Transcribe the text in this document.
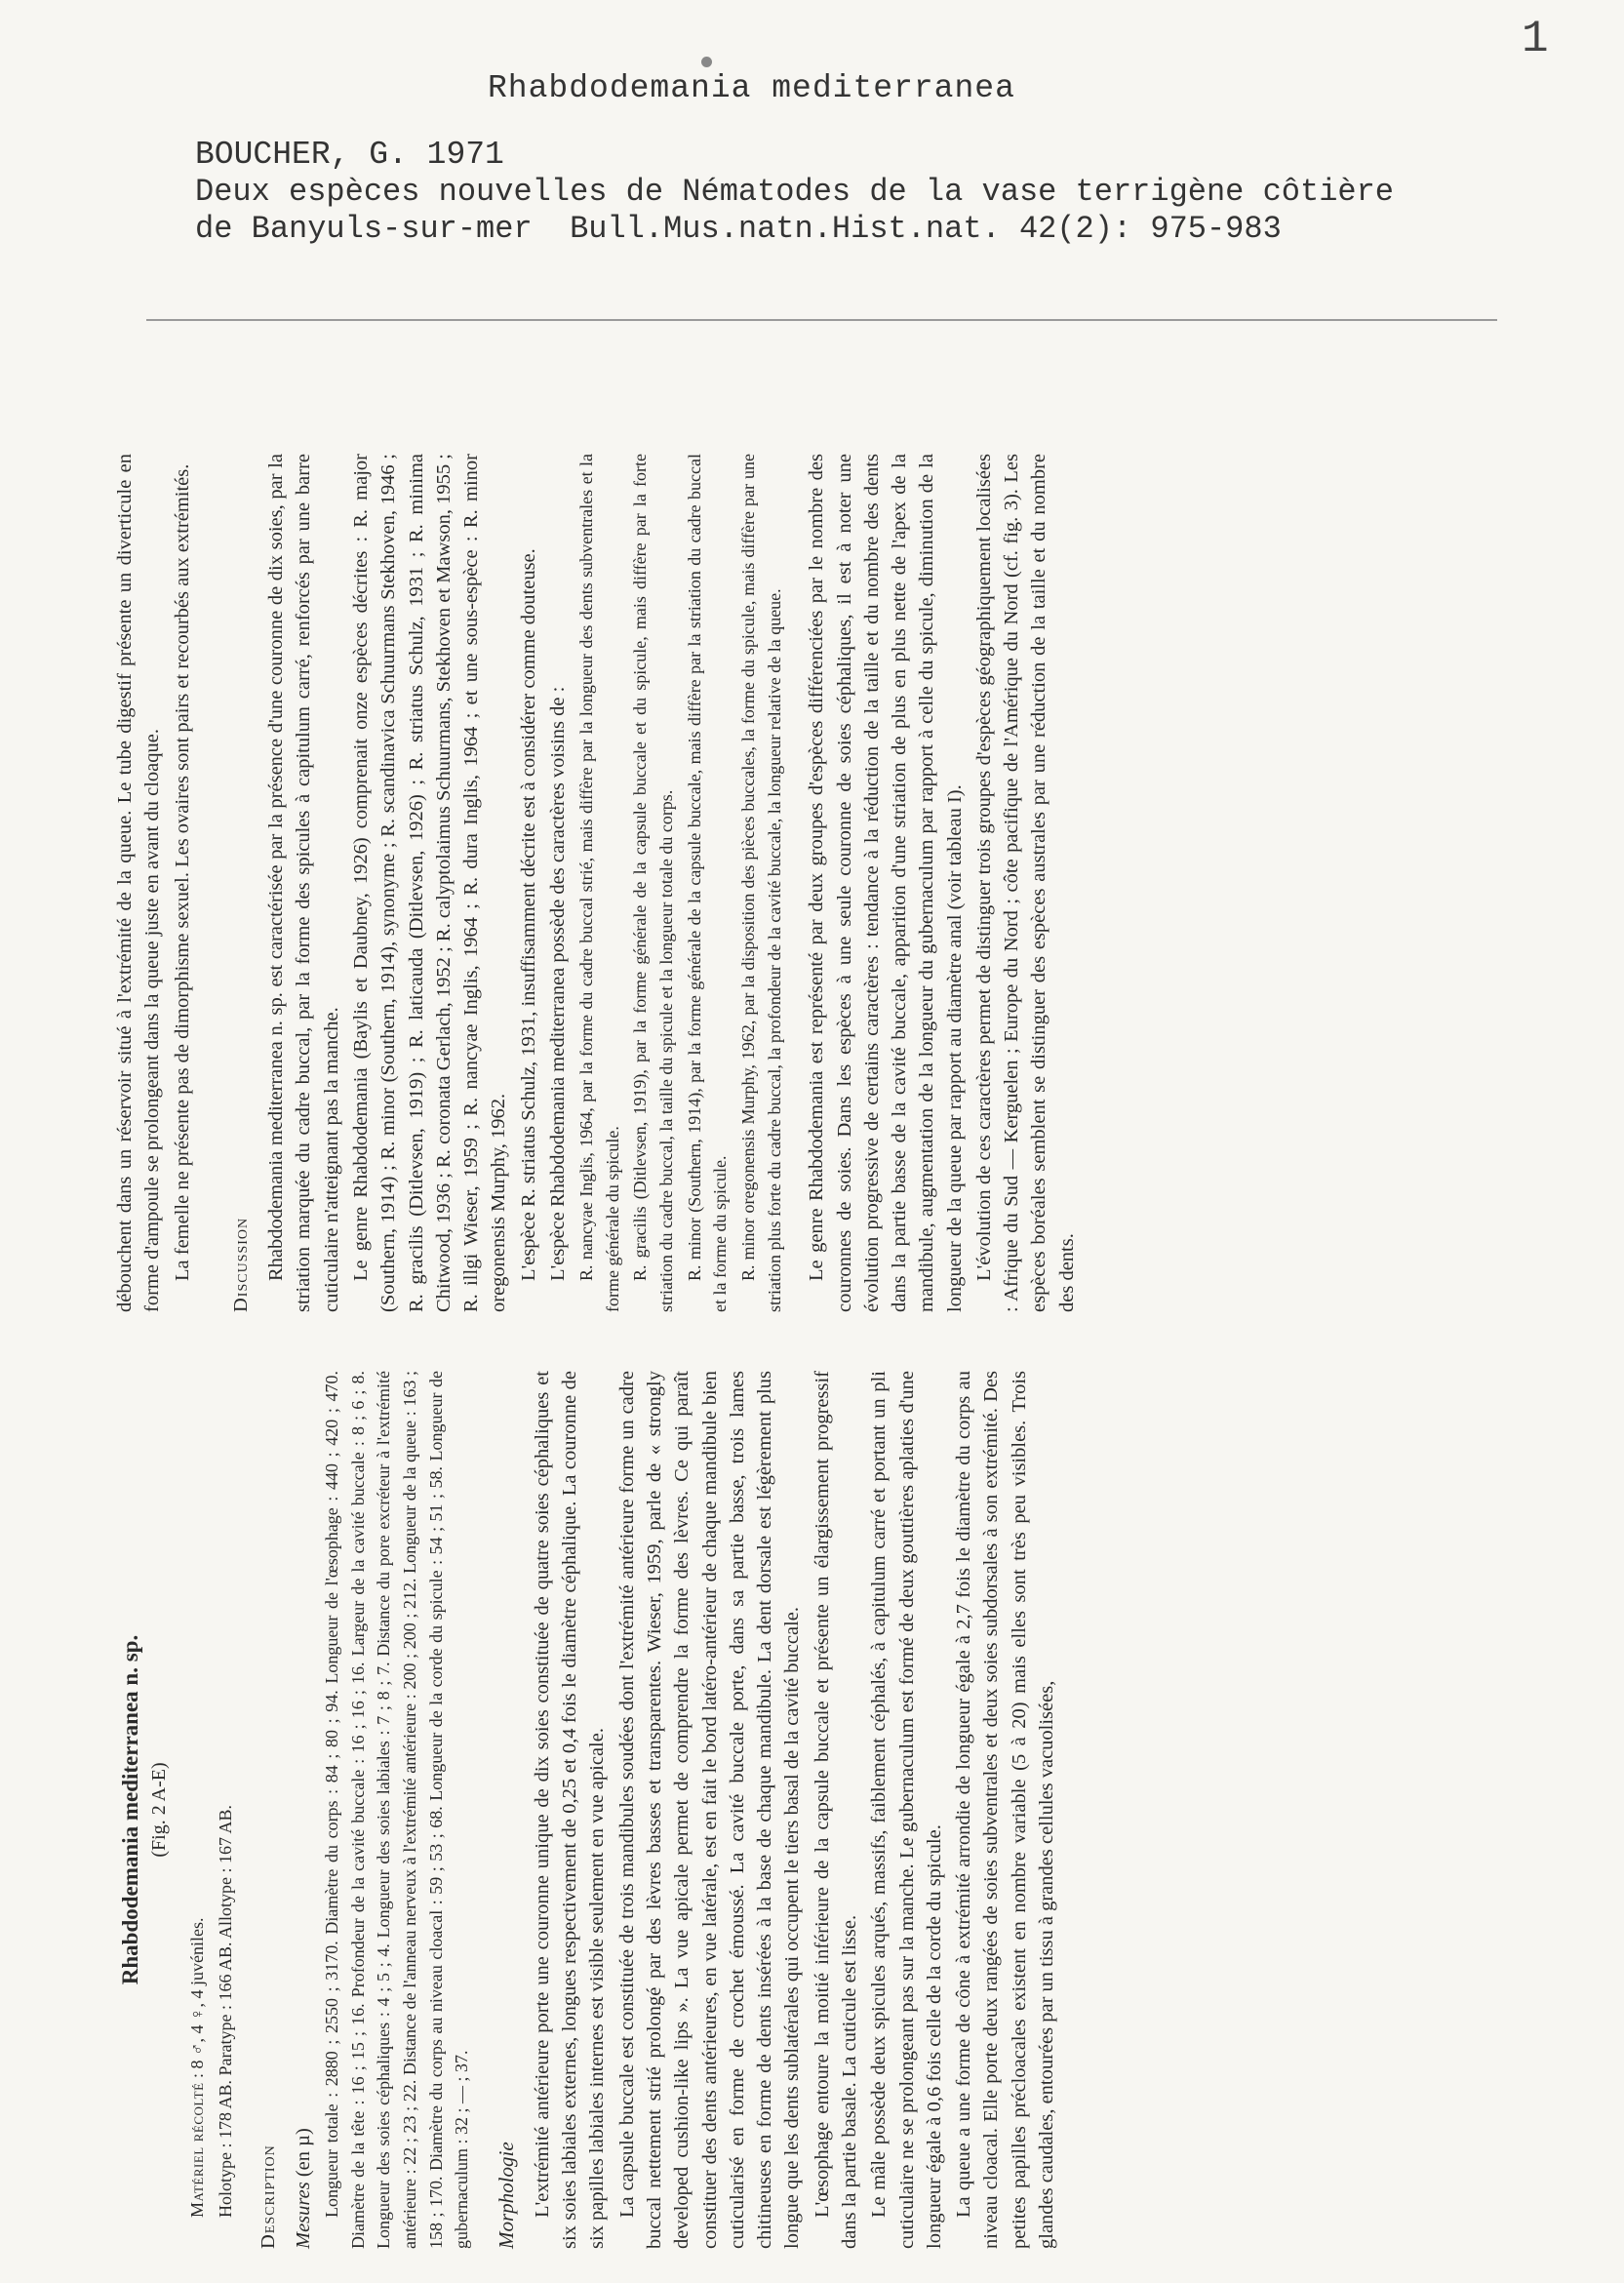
1
Rhabdodemania mediterranea
BOUCHER, G. 1971
Deux espèces nouvelles de Nématodes de la vase terrigène côtière
de Banyuls-sur-mer  Bull.Mus.natn.Hist.nat. 42(2): 975-983
Rhabdodemania mediterranea n. sp. (Fig. 2 A-E)

Matériel récolté : 8 ♂, 4 ♀, 4 juvéniles. Holotype : 178 AB. Paratype : 166 AB. Allotype : 167 AB. Description Mesures (en µ) Longueur totale : 2880 ; 2550 ; 3170. Diamètre du corps : 84 ; 80 ; 94. Longueur de l'œsophage : 440 ; 420 ; 470. Diamètre de la tête : 16 ; 15 ; 16. Profondeur de la cavité buccale : 16 ; 16 ; 16. Largeur de la cavité buccale : 8 ; 6 ; 8. Longueur des soies céphaliques : 4 ; 5 ; 4. Longueur des soies labiales : 7 ; 8 ; 7. Distance du pore excréteur à l'extrémité antérieure : 22 ; 23 ; 22. Distance de l'anneau nerveux à l'extrémité antérieure : 200 ; 200 ; 212. Longueur de la queue : 163 ; 158 ; 170. Diamètre du corps au niveau cloacal : 59 ; 53 ; 68. Longueur de la corde du spicule : 54 ; 51 ; 58. Longueur de gubernaculum : 32 ; — ; 37. Morphologie L'extrémité antérieure porte une couronne unique de dix soies constituée de quatre soies céphaliques et six soies labiales externes, longues respectivement de 0,25 et 0,4 fois le diamètre céphalique. La couronne de six papilles labiales internes est visible seulement en vue apicale. La capsule buccale est constituée de trois mandibules soudées dont l'extrémité antérieure forme un cadre buccal nettement strié prolongé par des lèvres basses et transparentes. Wieser, 1959, parle de « strongly developed cushion-like lips ». La vue apicale permet de comprendre la forme des lèvres. Ce qui paraît constituer des dents antérieures, en vue latérale, est en fait le bord latéro-antérieur de chaque mandibule bien cuticularisé en forme de crochet émoussé. La cavité buccale porte, dans sa partie basse, trois lames chitineuses en forme de dents insérées à la base de chaque mandibule. La dent dorsale est légèrement plus longue que les dents sublatérales qui occupent le tiers basal de la cavité buccale. L'œsophage entoure la moitié inférieure de la capsule buccale et présente un élargissement progressif dans la partie basale. La cuticule est lisse. Le mâle possède deux spicules arqués, massifs, faiblement céphalés, à capitulum carré et portant un pli cuticulaire ne se prolongeant pas sur la manche. Le gubernaculum est formé de deux gouttières aplaties d'une longueur égale à 0,6 fois celle de la corde du spicule. La queue a une forme de cône à extrémité arrondie de longueur égale à 2,7 fois le diamètre du corps au niveau cloacal. Elle porte deux rangées de soies subventrales et deux soies subdorsales à son extrémité. Des petites papilles précloacales existent en nombre variable (5 à 20) mais elles sont très peu visibles. Trois glandes caudales, entourées par un tissu à grandes cellules vacuolisées,

débouchent dans un réservoir situé à l'extrémité de la queue. Le tube digestif présente un diverticule en forme d'ampoule se prolongeant dans la queue juste en avant du cloaque. La femelle ne présente pas de dimorphisme sexuel. Les ovaires sont pairs et recourbés aux extrémités. Discussion Rhabdodemania mediterranea n. sp. est caractérisée par la présence d'une couronne de dix soies, par la striation marquée du cadre buccal, par la forme des spicules à capitulum carré, renforcés par une barre cuticulaire n'atteignant pas la manche. Le genre Rhabdodemania (Baylis et Daubney, 1926) comprenait onze espèces décrites : R. major (Southern, 1914) ; R. minor (Southern, 1914), synonyme ; R. scandinavica Schuurmans Stekhoven, 1946 ; R. gracilis (Ditlevsen, 1919) ; R. laticauda (Ditlevsen, 1926) ; R. striatus Schulz, 1931 ; R. minima Chitwood, 1936 ; R. coronata Gerlach, 1952 ; R. calyptolaimus Schuurmans, Stekhoven et Mawson, 1955 ; R. illgi Wieser, 1959 ; R. nancyae Inglis, 1964 ; R. dura Inglis, 1964 ; et une sous-espèce : R. minor oregonensis Murphy, 1962. L'espèce R. striatus Schulz, 1931, insuffisamment décrite est à considérer comme douteuse. L'espèce Rhabdodemania mediterranea possède des caractères voisins de : R. nancyae Inglis, 1964, par la forme du cadre buccal strié, mais diffère par la longueur des dents subventrales et la forme générale du spicule. R. gracilis (Ditlevsen, 1919), par la forme générale de la capsule buccale et du spicule, mais diffère par la forte striation du cadre buccal, la taille du spicule et la longueur totale du corps. R. minor (Southern, 1914), par la forme générale de la capsule buccale, mais diffère par la striation du cadre buccal et la forme du spicule. R. minor oregonensis Murphy, 1962, par la disposition des pièces buccales, la forme du spicule, mais diffère par une striation plus forte du cadre buccal, la profondeur de la cavité buccale, la longueur relative de la queue. Le genre Rhabdodemania est représenté par deux groupes d'espèces différenciées par le nombre des couronnes de soies. Dans les espèces à une seule couronne de soies céphaliques, il est à noter une évolution progressive de certains caractères : tendance à la réduction de la taille et du nombre des dents dans la partie basse de la cavité buccale, apparition d'une striation de plus en plus nette de l'apex de la mandibule, augmentation de la longueur du gubernaculum par rapport à celle du spicule, diminution de la longueur de la queue par rapport au diamètre anal (voir tableau I). L'évolution de ces caractères permet de distinguer trois groupes d'espèces géographiquement localisées : Afrique du Sud — Kerguelen ; Europe du Nord ; côte pacifique de l'Amérique du Nord (cf. fig. 3). Les espèces boréales semblent se distinguer des espèces australes par une réduction de la taille et du nombre des dents.
